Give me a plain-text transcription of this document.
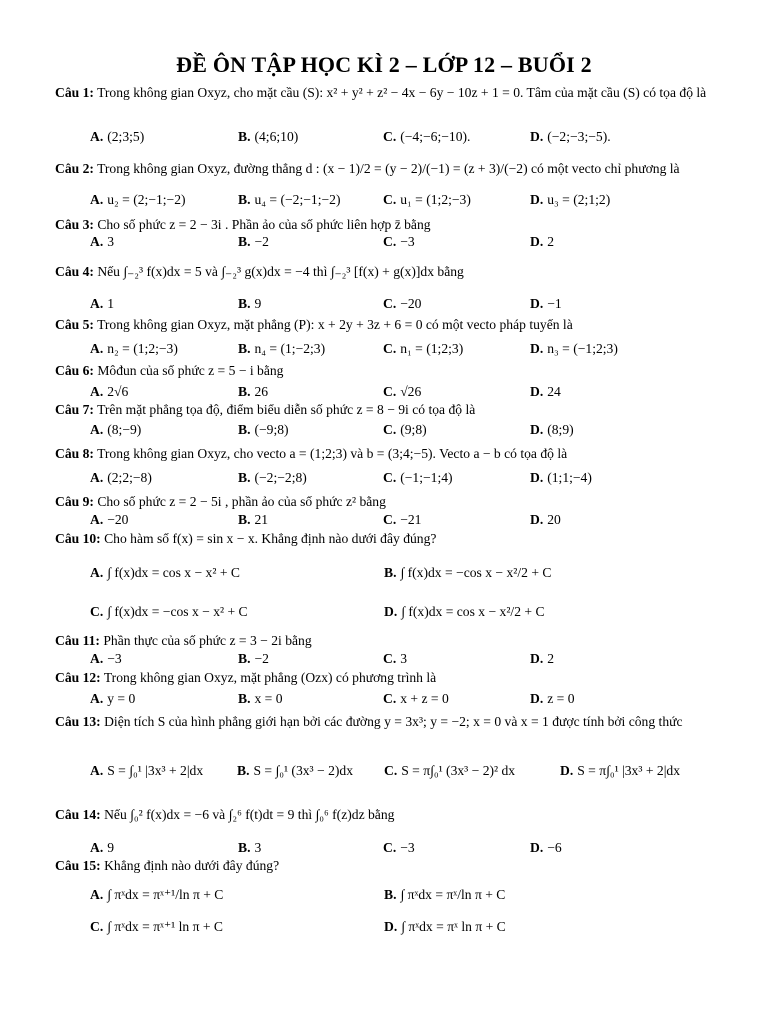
ĐỀ ÔN TẬP HỌC KÌ 2 – LỚP 12 – BUỔI 2
Câu 1: Trong không gian Oxyz, cho mặt cầu (S): x² + y² + z² − 4x − 6y − 10z + 1 = 0. Tâm của mặt cầu (S) có tọa độ là
A. (2;3;5)	B. (4;6;10)	C. (−4;−6;−10).	D. (−2;−3;−5).
Câu 2: Trong không gian Oxyz, đường thẳng d : (x − 1)/2 = (y − 2)/(−1) = (z + 3)/(−2) có một vecto chỉ phương là
A. u₂ = (2;−1;−2)	B. u₄ = (−2;−1;−2)	C. u₁ = (1;2;−3)	D. u₃ = (2;1;2)
Câu 3: Cho số phức z = 2 − 3i . Phần ảo của số phức liên hợp z̄ bằng
A. 3	B. −2	C. −3	D. 2
Câu 4: Nếu ∫₋₂³ f(x)dx = 5 và ∫₋₂³ g(x)dx = −4 thì ∫₋₂³ [f(x) + g(x)]dx bằng
A. 1	B. 9	C. −20	D. −1
Câu 5: Trong không gian Oxyz, mặt phẳng (P): x + 2y + 3z + 6 = 0 có một vecto pháp tuyến là
A. n₂ = (1;2;−3)	B. n₄ = (1;−2;3)	C. n₁ = (1;2;3)	D. n₃ = (−1;2;3)
Câu 6: Môđun của số phức z = 5 − i bằng
A. 2√6	B. 26	C. √26	D. 24
Câu 7: Trên mặt phẳng tọa độ, điểm biểu diễn số phức z = 8 − 9i có tọa độ là
A. (8;−9)	B. (−9;8)	C. (9;8)	D. (8;9)
Câu 8: Trong không gian Oxyz, cho vecto a = (1;2;3) và b = (3;4;−5). Vecto a − b có tọa độ là
A. (2;2;−8)	B. (−2;−2;8)	C. (−1;−1;4)	D. (1;1;−4)
Câu 9: Cho số phức z = 2 − 5i , phần ảo của số phức z² bằng
A. −20	B. 21	C. −21	D. 20
Câu 10: Cho hàm số f(x) = sin x − x. Khẳng định nào dưới đây đúng?
A. ∫ f(x)dx = cos x − x² + C	B. ∫ f(x)dx = −cos x − x²/2 + C
C. ∫ f(x)dx = −cos x − x² + C	D. ∫ f(x)dx = cos x − x²/2 + C
Câu 11: Phần thực của số phức z = 3 − 2i bằng
A. −3	B. −2	C. 3	D. 2
Câu 12: Trong không gian Oxyz, mặt phẳng (Ozx) có phương trình là
A. y = 0	B. x = 0	C. x + z = 0	D. z = 0
Câu 13: Diện tích S của hình phẳng giới hạn bởi các đường y = 3x³; y = −2; x = 0 và x = 1 được tính bởi công thức
A. S = ∫₀¹ |3x³ + 2|dx B. S = ∫₀¹ (3x³ − 2)dx C. S = π∫₀¹ (3x³ − 2)² dx	D. S = π∫₀¹ |3x³ + 2|dx
Câu 14: Nếu ∫₀² f(x)dx = −6 và ∫₂⁶ f(t)dt = 9 thì ∫₀⁶ f(z)dz bằng
A. 9	B. 3	C. −3	D. −6
Câu 15: Khẳng định nào dưới đây đúng?
A. ∫ πˣdx = πˣ⁺¹/ln π + C	B. ∫ πˣdx = πˣ/ln π + C
C. ∫ πˣdx = πˣ⁺¹ ln π + C	D. ∫ πˣdx = πˣ ln π + C
